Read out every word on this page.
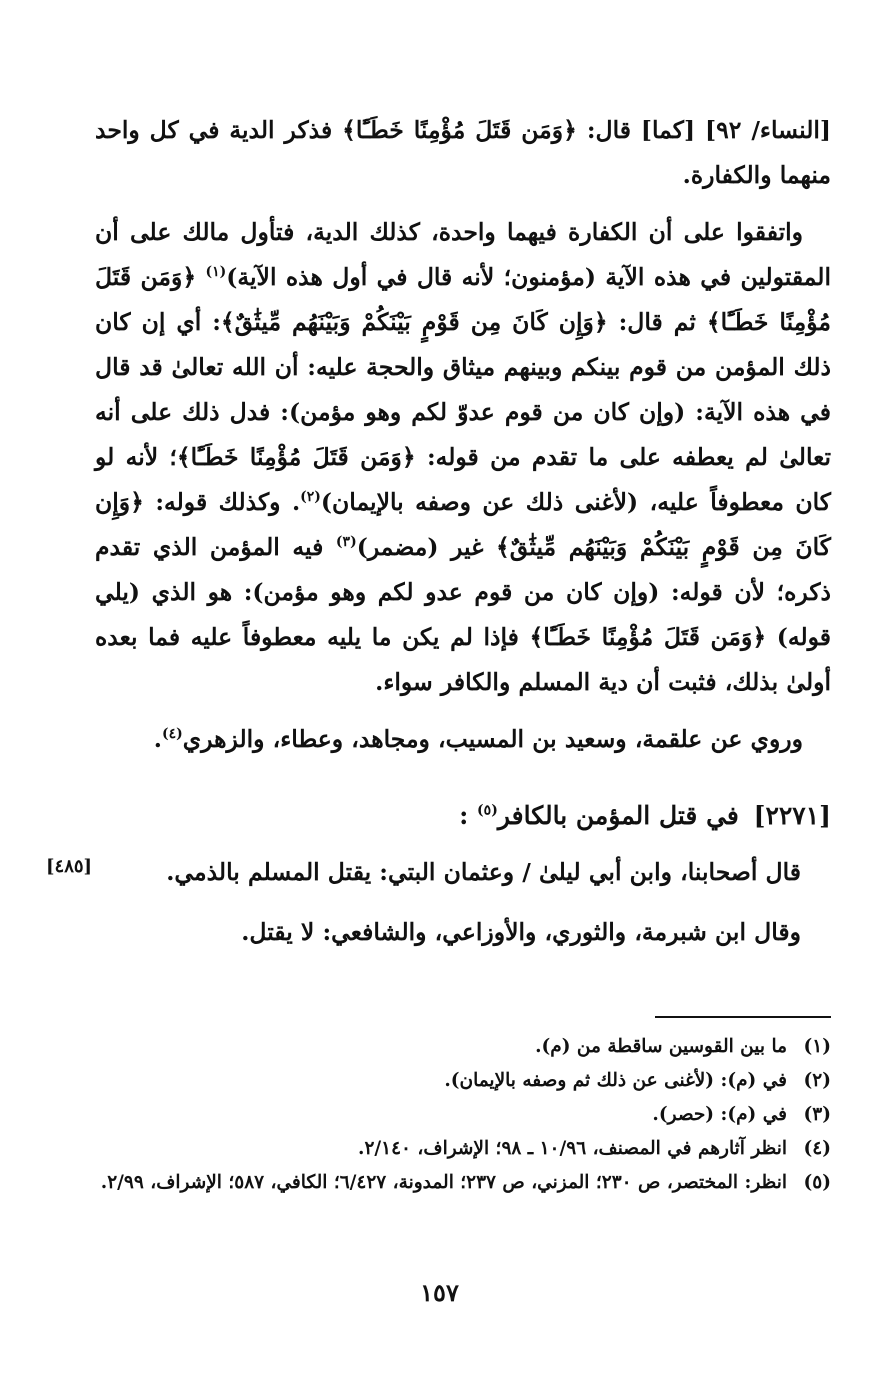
[النساء/ ٩٢] [كما] قال: ﴿وَمَن قَتَلَ مُؤْمِنًا خَطَـًٔا﴾ فذكر الدية في كل واحد منهما والكفارة.

واتفقوا على أن الكفارة فيهما واحدة، كذلك الدية، فتأول مالك على أن المقتولين في هذه الآية (مؤمنون؛ لأنه قال في أول هذه الآية)$^{(١)}$ ﴿وَمَن قَتَلَ مُؤْمِنًا خَطَـًٔا﴾ ثم قال: ﴿وَإِن كَانَ مِن قَوْمٍ بَيْنَكُمْ وَبَيْنَهُم مِّيثَٰقٌ﴾: أي إن كان ذلك المؤمن من قوم بينكم وبينهم ميثاق والحجة عليه: أن الله تعالىٰ قد قال في هذه الآية: (وإن كان من قوم عدوّ لكم وهو مؤمن): فدل ذلك على أنه تعالىٰ لم يعطفه على ما تقدم من قوله: ﴿وَمَن قَتَلَ مُؤْمِنًا خَطَـًٔا﴾؛ لأنه لو كان معطوفاً عليه، (لأغنى ذلك عن وصفه بالإيمان)$^{(٢)}$. وكذلك قوله: ﴿وَإِن كَانَ مِن قَوْمٍ بَيْنَكُمْ وَبَيْنَهُم مِّيثَٰقٌ﴾ غير (مضمر)$^{(٣)}$ فيه المؤمن الذي تقدم ذكره؛ لأن قوله: (وإن كان من قوم عدو لكم وهو مؤمن): هو الذي (يلي قوله) ﴿وَمَن قَتَلَ مُؤْمِنًا خَطَـًٔا﴾ فإذا لم يكن ما يليه معطوفاً عليه فما بعده أولىٰ بذلك، فثبت أن دية المسلم والكافر سواء.

وروي عن علقمة، وسعيد بن المسيب، ومجاهد، وعطاء، والزهري$^{(٤)}$.

[٢٢٧١] في قتل المؤمن بالكافر$^{(٥)}$ :
قال أصحابنا، وابن أبي ليلىٰ / وعثمان البتي: يقتل المسلم بالذمي.
[٤٨٥]
وقال ابن شبرمة، والثوري، والأوزاعي، والشافعي: لا يقتل.
(١)
ما بين القوسين ساقطة من (م).
(٢)
في (م): (لأغنى عن ذلك ثم وصفه بالإيمان).
(٣)
في (م): (حصر).
(٤)
انظر آثارهم في المصنف، ١٠/٩٦ ـ ٩٨؛ الإشراف، ٢/١٤٠.
(٥)
انظر: المختصر، ص ٢٣٠؛ المزني، ص ٢٣٧؛ المدونة، ٦/٤٢٧؛ الكافي، ٥٨٧؛ الإشراف، ٢/٩٩.
١٥٧
